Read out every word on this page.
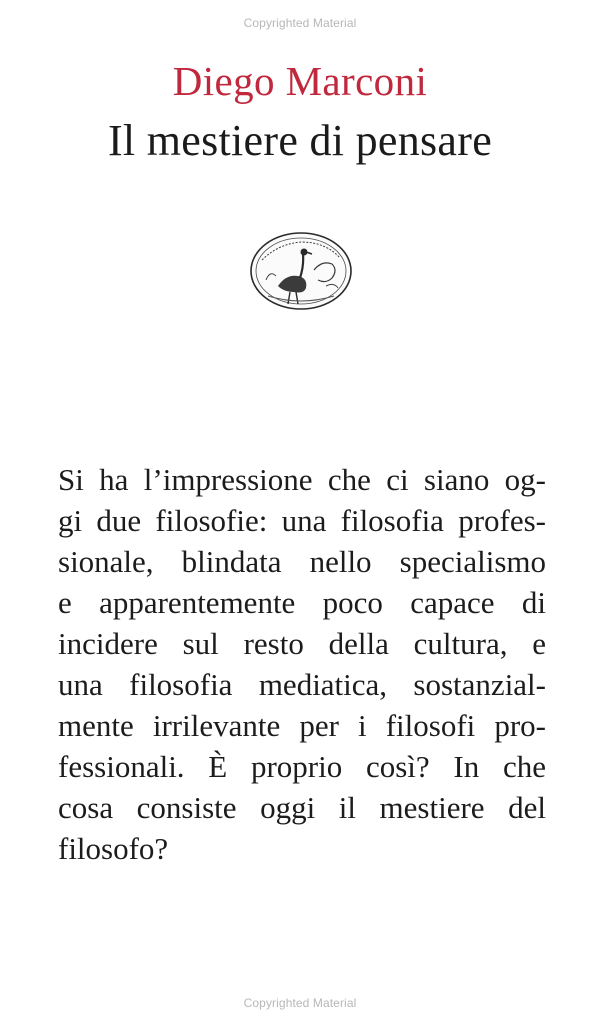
Copyrighted Material
Diego Marconi
Il mestiere di pensare
Si ha l’impressione che ci siano og-
gi due filosofie: una filosofia profes-
sionale, blindata nello specialismo
e apparentemente poco capace di
incidere sul resto della cultura, e
una filosofia mediatica, sostanzial-
mente irrilevante per i filosofi pro-
fessionali. È proprio così? In che
cosa consiste oggi il mestiere del
filosofo?
Copyrighted Material
